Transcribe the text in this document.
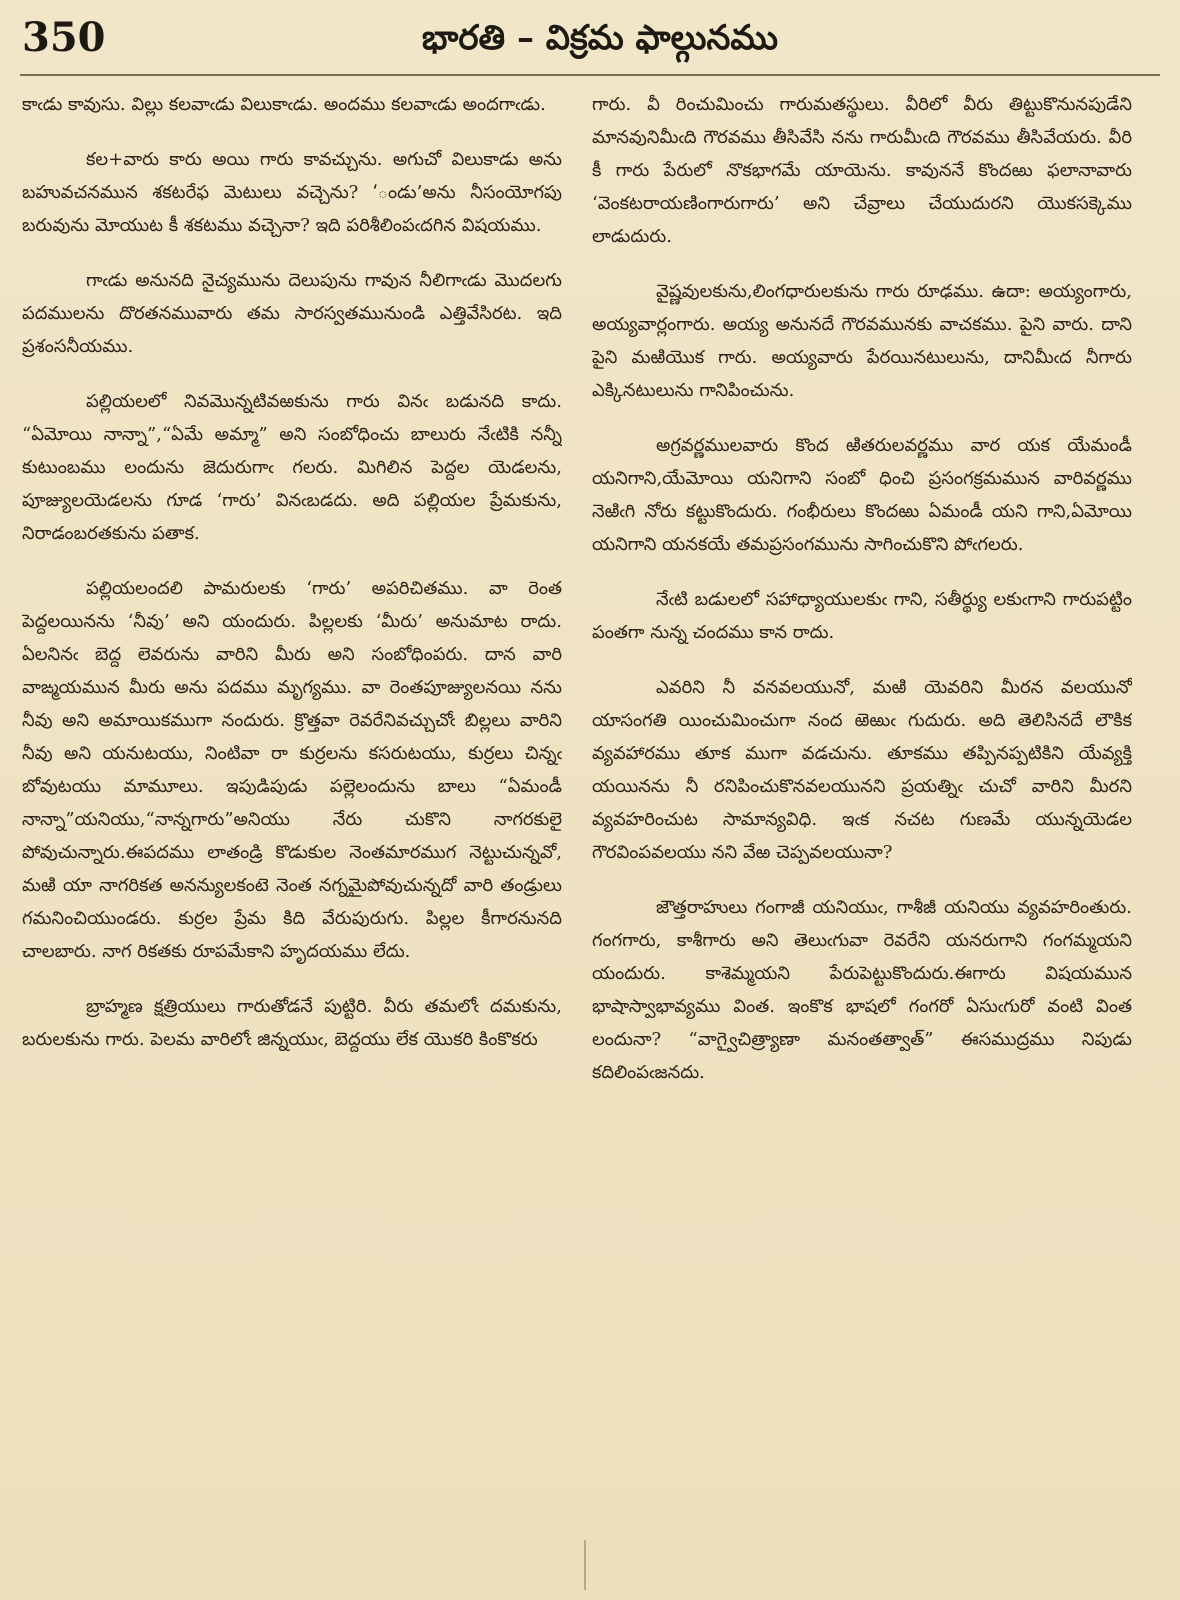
350	భారతి – విక్రమ ఫాల్గునము

కాఁడు కావుసు. విల్లు కలవాఁడు విలుకాఁడు. అందము కలవాఁడు అందగాఁడు.

కల+వారు కారు అయి గారు కావచ్చును. అగుచో విలుకాడు అను బహువచనమున శకటరేఫ మెటులు వచ్చెను? ‘ండు’అను నీసంయోగపు బరువును మోయుట కీ శకటము వచ్చెనా? ఇది పరిశీలింపఁదగిన విషయము.

గాఁడు అనునది నైచ్యమును దెలుపును గావున నీలిగాఁడు మొదలగు పదములను దొరతనమువారు తమ సారస్వతమునుండి ఎత్తివేసిరట. ఇది ప్రశంసనీయము.

పల్లియలలో నివమొన్నటివఱకును గారు వినఁ బడునది కాదు. “ఏమోయి నాన్నా”,“ఏమే అమ్మా” అని సంబోధించు బాలురు నేఁటికి నన్నీ కుటుంబము లందును జెదురుగాఁ గలరు. మిగిలిన పెద్దల యెడలను, పూజ్యులయెడలను గూడ ‘గారు’ వినఁబడదు. అది పల్లియల ప్రేమకును, నిరాడంబరతకును పతాక.

పల్లియలందలి పామరులకు ‘గారు’ అపరిచితము. వా రెంత పెద్దలయినను ‘నీవు’ అని యందురు. పిల్లలకు ‘మీరు’ అనుమాట రాదు. ఏలనినఁ బెద్ద లెవరును వారిని మీరు అని సంబోధింపరు. దాన వారి వాఙ్మయమున మీరు అను పదము మృగ్యము. వా రెంతపూజ్యులనయి నను నీవు అని అమాయికముగా నందురు. క్రొత్తవా రెవరేనివచ్చుచోఁ బిల్లలు వారిని నీవు అని యనుటయు, నింటివా రా కుర్రలను కసరుటయు, కుర్రలు చిన్నఁ బోవుటయు మామూలు. ఇపుడిపుడు పల్లెలందును బాలు “ఏమండీ నాన్నా”యనియు,“నాన్నగారు”అనియు నేరు చుకొని నాగరకులై పోవుచున్నారు.ఈపదము లాతండ్రి కొడుకుల నెంతమారముగ నెట్టుచున్నవో, మఱి యా నాగరికత అనన్యులకంటె నెంత నగ్నమైపోవుచున్నదో వారి తండ్రులు గమనించియుండరు. కుర్రల ప్రేమ కిది వేరుపురుగు. పిల్లల కీగారనునది చాలబారు. నాగ రికతకు రూపమేకాని హృదయము లేదు.

బ్రాహ్మణ క్షత్రియులు గారుతోడనే పుట్టిరి. వీరు తమలోఁ దమకును, బరులకును గారు. పెలమ వారిలోఁ జిన్నయుఁ, బెద్దయు లేక యొకరి కింకొకరు

గారు. వీ రించుమించు గారుమతస్థులు. వీరిలో వీరు తిట్టుకొనునపుడేని మానవునిమీఁది గౌరవము తీసివేసి నను గారుమీఁది గౌరవము తీసివేయరు. వీరి కీ గారు పేరులో నొకభాగమే యాయెను. కావుననే కొందఱు ఫలానావారు ‘వెంకటరాయణింగారుగారు’ అని చేవ్రాలు చేయుదురని యొకసక్కెము లాడుదురు.

వైష్ణవులకును,లింగధారులకును గారు రూఢము. ఉదా: అయ్యంగారు, అయ్యవార్లంగారు. అయ్య అనునదే గౌరవమునకు వాచకము. పైని వారు. దాని పైని మఱియొక గారు. అయ్యవారు పేరయినటులును, దానిమీఁద నీగారు ఎక్కినటులును గానిపించును.

అగ్రవర్ణములవారు కొంద ఱితరులవర్ణము వార యక యేమండీ యనిగాని,యేమోయి యనిగాని సంబో ధించి ప్రసంగక్రమమున వారివర్ణము నెఱిఁగి నోరు కట్టుకొందురు. గంభీరులు కొందఱు ఏమండీ యని గాని,ఏమోయి యనిగాని యనకయే తమప్రసంగమును సాగించుకొని పోఁగలరు.

నేఁటి బడులలో సహాధ్యాయులకుఁ గాని, సతీర్థ్యు లకుఁగాని గారుపట్టిం పంతగా నున్న చందము కాన రాదు.

ఎవరిని నీ వనవలయునో, మఱి యెవరిని మీరన వలయునో యాసంగతి యించుమించుగా నంద ఱెఱుఁ గుదురు. అది తెలిసినదే లౌకిక వ్యవహారము తూక ముగా వడచును. తూకము తప్పినప్పటికిని యేవ్యక్తి యయినను నీ రనిపించుకొనవలయునని ప్రయత్నిఁ చుచో వారిని మీరని వ్యవహరించుట సామాన్యవిధి. ఇఁక నచట గుణమే యున్నయెడల గౌరవింపవలయు నని వేఱ చెప్పవలయునా?

జౌత్తరాహులు గంగాజీ యనియుఁ, గాశీజీ యనియు వ్యవహరింతురు. గంగగారు, కాశీగారు అని తెలుఁగువా రెవరేని యనరుగాని గంగమ్మయని యందురు. కాశెమ్మయని పేరుపెట్టుకొందురు.ఈగారు విషయమున భాషాస్వాభావ్యము వింత. ఇంకొక భాషలో గంగరో ఏసుఁగురో వంటి వింత లందునా? “వాగ్వైచిత్ర్యాణా మనంతత్వాత్” ఈసముద్రము నిపుడు కదిలింపఁజనదు.
